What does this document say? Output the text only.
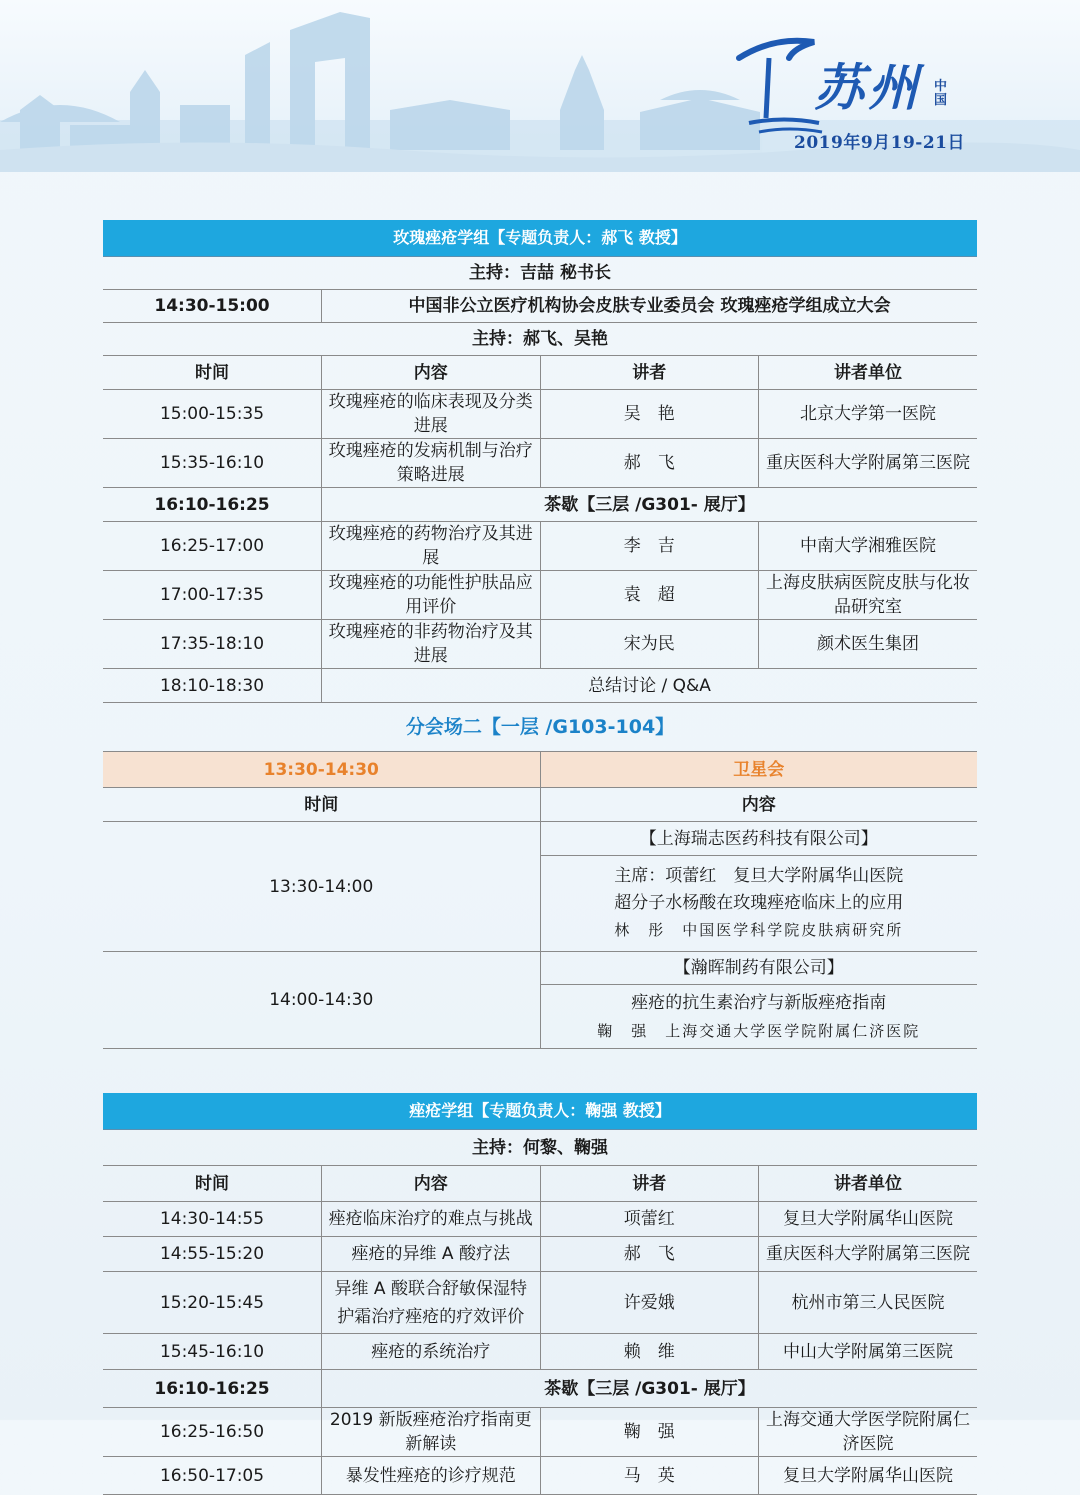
苏州 中国
2019年9月19-21日
玫瑰痤疮学组【专题负责人：郝飞 教授】			
主持：吉喆 秘书长			
14:30-15:00	中国非公立医疗机构协会皮肤专业委员会 玫瑰痤疮学组成立大会		
主持：郝飞、吴艳			
时间	内容	讲者	讲者单位
15:00-15:35	玫瑰痤疮的临床表现及分类进展	吴　艳	北京大学第一医院
15:35-16:10	玫瑰痤疮的发病机制与治疗策略进展	郝　飞	重庆医科大学附属第三医院
16:10-16:25	茶歇【三层 /G301- 展厅】		
16:25-17:00	玫瑰痤疮的药物治疗及其进展	李　吉	中南大学湘雅医院
17:00-17:35	玫瑰痤疮的功能性护肤品应用评价	袁　超	上海皮肤病医院皮肤与化妆品研究室
17:35-18:10	玫瑰痤疮的非药物治疗及其进展	宋为民	颜术医生集团
18:10-18:30	总结讨论 / Q&A		
分会场二【一层 /G103-104】	
13:30-14:30	卫星会
时间	内容
13:30-14:00	【上海瑞志医药科技有限公司】

	主席：项蕾红　复旦大学附属华山医院
超分子水杨酸在玫瑰痤疮临床上的应用
林　彤　中国医学科学院皮肤病研究所

14:00-14:30	【瀚晖制药有限公司】

	痤疮的抗生素治疗与新版痤疮指南
鞠　强　上海交通大学医学院附属仁济医院
痤疮学组【专题负责人：鞠强 教授】			
主持：何黎、鞠强			
时间	内容	讲者	讲者单位
14:30-14:55	痤疮临床治疗的难点与挑战	项蕾红	复旦大学附属华山医院
14:55-15:20	痤疮的异维 A 酸疗法	郝　飞	重庆医科大学附属第三医院
15:20-15:45	异维 A 酸联合舒敏保湿特护霜治疗痤疮的疗效评价	许爱娥	杭州市第三人民医院
15:45-16:10	痤疮的系统治疗	赖　维	中山大学附属第三医院
16:10-16:25	茶歇【三层 /G301- 展厅】		
16:25-16:50	2019 新版痤疮治疗指南更新解读	鞠　强	上海交通大学医学院附属仁济医院
16:50-17:05	暴发性痤疮的诊疗规范	马　英	复旦大学附属华山医院
